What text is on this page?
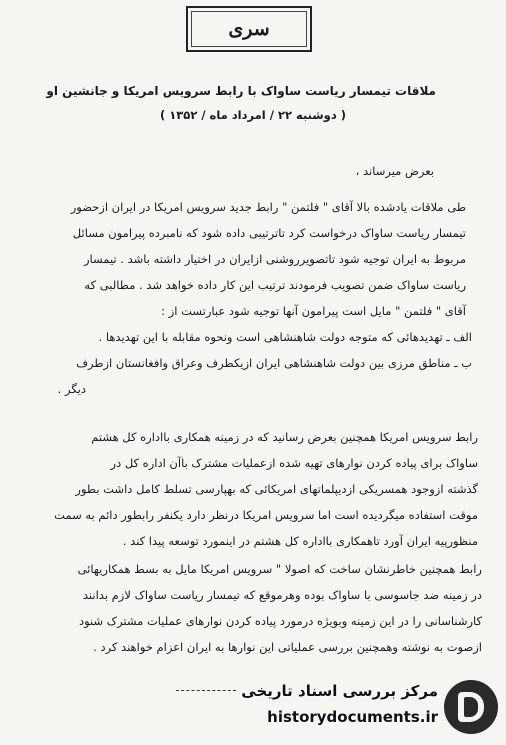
سری
ملاقات تیمسار ریاست ساواک با رابط سرویس امریکا و جانشین او
( دوشنبه ۲۲ / امرداد ماه / ۱۳۵۲ )
بعرض میرساند ،
طی ملاقات یادشده بالا آقای " فلتمن " رابط جدید سرویس امریکا در ایران ازحضور
تیمسار ریاست ساواک درخواست کرد تاترتیبی داده شود که نامبرده پیرامون مسائل
مربوط به ایران توجیه شود تاتصویرروشنی ازایران در اختیار داشته باشد . تیمسار
ریاست ساواک ضمن تصویب فرمودند ترتیب این کار داده خواهد شد . مطالبی که
آقای " فلتمن " مایل است پیرامون آنها توجیه شود عبارتست از :
الف ـ تهدیدهائی که متوجه دولت شاهنشاهی است ونحوه مقابله با این تهدیدها .
ب ـ مناطق مرزی بین دولت شاهنشاهی ایران ازیکطرف وعراق وافغانستان ازطرف
دیگر .
رابط سرویس امریکا همچنین بعرض رسانید که در زمینه همکاری بااداره کل هشتم
ساواک برای پیاده کردن نوارهای تهیه شده ازعملیات مشترک باآن اداره کل در
گذشته ازوجود همسریکی ازدیپلماتهای امریکائی که بهپارسی تسلط کامل داشت بطور
موقت استفاده میگردیده است اما سرویس امریکا درنظر دارد یکنفر رابطور دائم به سمت
منظورپیه ایران آورد تاهمکاری بااداره کل هشتم در اینمورد توسعه پیدا کند .
رابط همچنین خاطرنشان ساخت که اصولا " سرویس امریکا مایل به بسط همکاریهائی
در زمینه ضد جاسوسی با ساواک بوده وهرموقع که تیمسار ریاست ساواک لازم بدانند
کارشناسانی را در این زمینه وبویژه درمورد پیاده کردن نوارهای عملیات مشترک شنود
ازصوت به نوشته وهمچنین بررسی عملیاتی این نوارها به ایران اعزام خواهند کرد .
مرکز بررسی اسناد تاریخی
historydocuments.ir
